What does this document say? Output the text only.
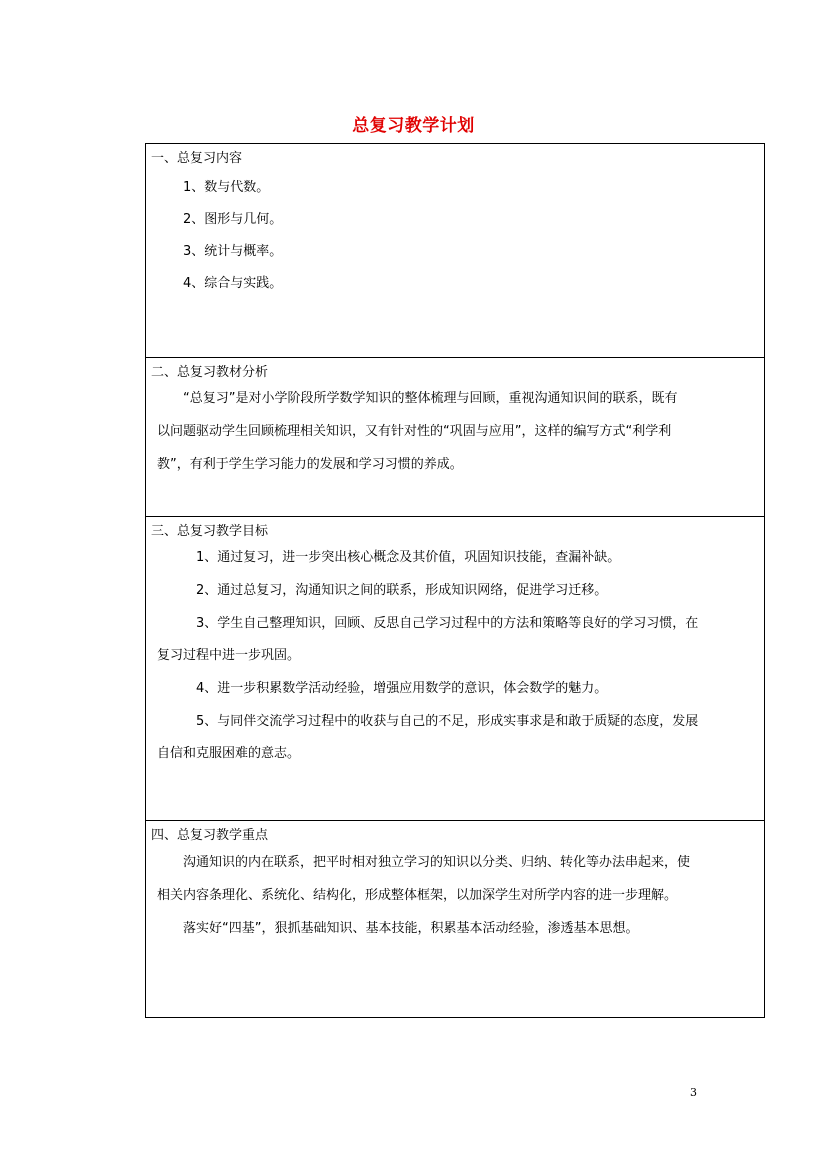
总复习教学计划
一、总复习内容
1、数与代数。
2、图形与几何。
3、统计与概率。
4、综合与实践。
二、总复习教材分析
“总复习”是对小学阶段所学数学知识的整体梳理与回顾，重视沟通知识间的联系，既有
以问题驱动学生回顾梳理相关知识，又有针对性的“巩固与应用”，这样的编写方式“利学利
教”，有利于学生学习能力的发展和学习习惯的养成。
三、总复习教学目标
1、通过复习，进一步突出核心概念及其价值，巩固知识技能，查漏补缺。
2、通过总复习，沟通知识之间的联系，形成知识网络，促进学习迁移。
3、学生自己整理知识，回顾、反思自己学习过程中的方法和策略等良好的学习习惯，在
复习过程中进一步巩固。
4、进一步积累数学活动经验，增强应用数学的意识，体会数学的魅力。
5、与同伴交流学习过程中的收获与自己的不足，形成实事求是和敢于质疑的态度，发展
自信和克服困难的意志。
四、总复习教学重点
沟通知识的内在联系，把平时相对独立学习的知识以分类、归纳、转化等办法串起来，使
相关内容条理化、系统化、结构化，形成整体框架，以加深学生对所学内容的进一步理解。
落实好“四基”，狠抓基础知识、基本技能，积累基本活动经验，渗透基本思想。
3
